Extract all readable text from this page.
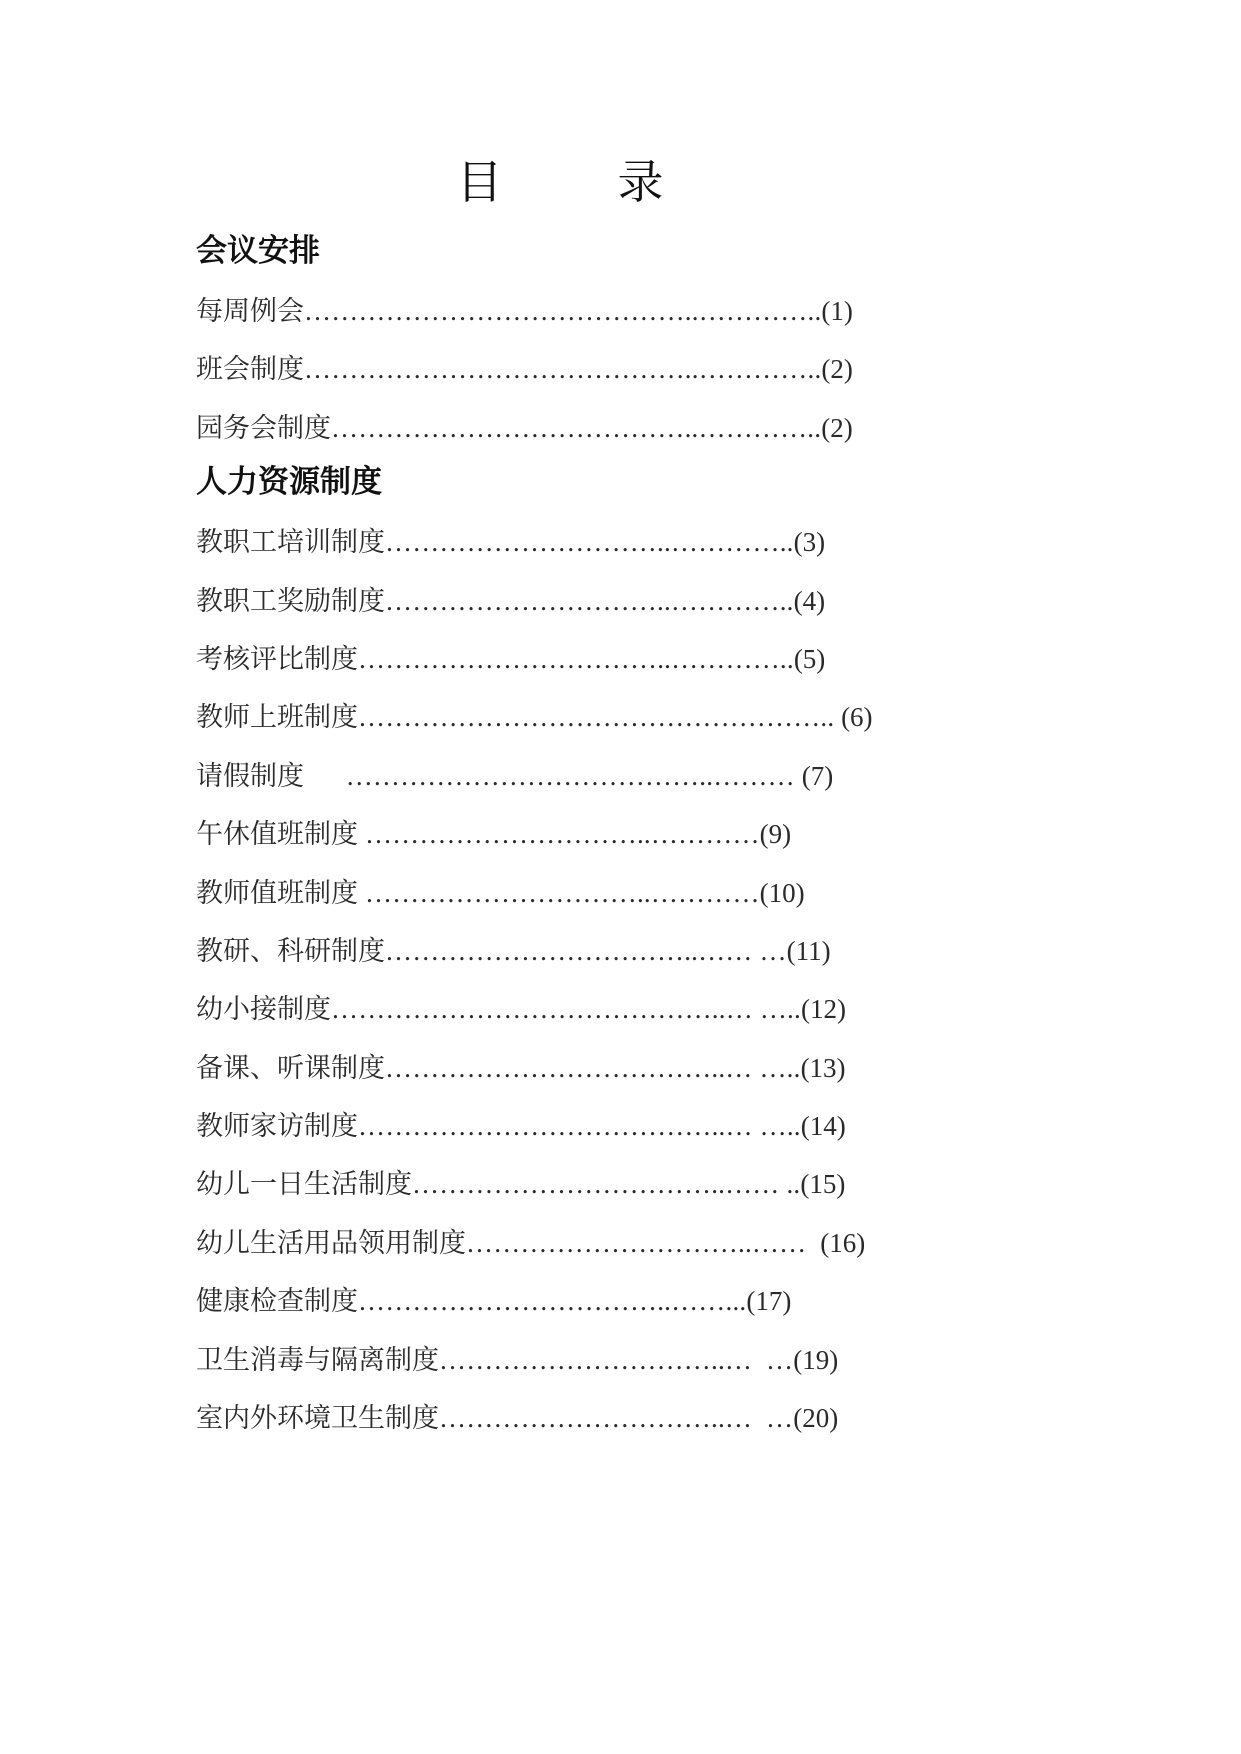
目	录
会议安排
每周例会……………………………………..…………..(1)
班会制度……………………………………..…………..(2)
园务会制度…………………………………..…………..(2)
人力资源制度
教职工培训制度…………………………..…………..(3)
教职工奖励制度…………………………..…………..(4)
考核评比制度……………………………..…………..(5)
教师上班制度…………………………………………….. (6)
请假制度      …………………………………..……… (7)
午休值班制度 …………………………..…………(9)
教师值班制度 …………………………..…………(10)
教研、科研制度……………………………..…… …(11)
幼小接制度……………………………………..… …..(12)
备课、听课制度………………………………..… …..(13)
教师家访制度…………………………………..… …..(14)
幼儿一日生活制度……………………………..…… ..(15)
幼儿生活用品领用制度…………………………..……  (16)
健康检查制度……………………………..……...(17)
卫生消毒与隔离制度…………………………..…  …(19)
室内外环境卫生制度…………………………..…  …(20)
